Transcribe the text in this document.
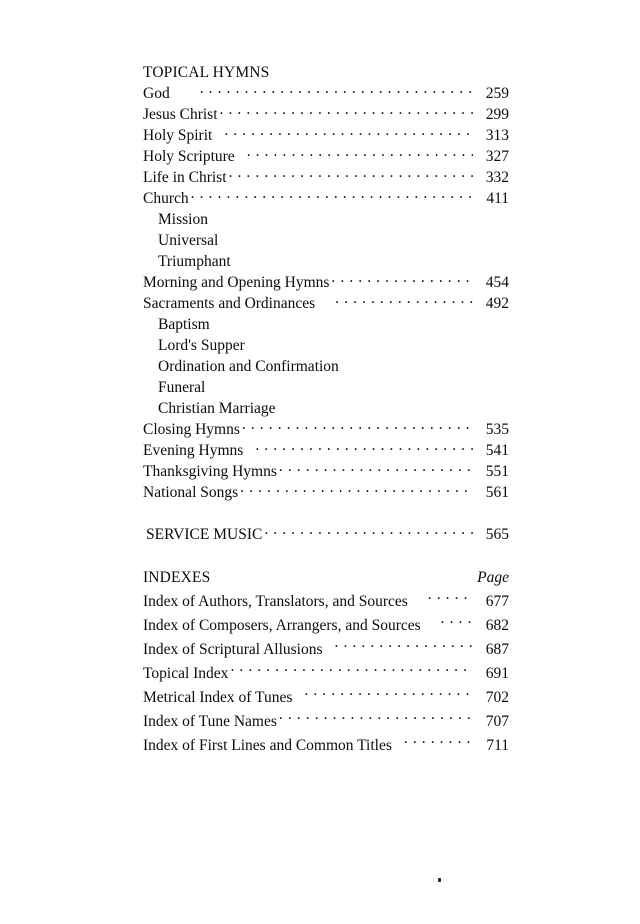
TOPICAL HYMNS
God . . .	259
Jesus Christ . . .	299
Holy Spirit . . .	313
Holy Scripture . . .	327
Life in Christ . . .	332
Church . . .	411
Mission
Universal
Triumphant
Morning and Opening Hymns . . .	454
Sacraments and Ordinances . . .	492
Baptism
Lord's Supper
Ordination and Confirmation
Funeral
Christian Marriage
Closing Hymns . . .	535
Evening Hymns . . .	541
Thanksgiving Hymns . . .	551
National Songs . . .	561
SERVICE MUSIC . . .	565
INDEXES	Page
Index of Authors, Translators, and Sources . . .	677
Index of Composers, Arrangers, and Sources . . .	682
Index of Scriptural Allusions . . .	687
Topical Index . . .	691
Metrical Index of Tunes . . .	702
Index of Tune Names . . .	707
Index of First Lines and Common Titles . . .	711
